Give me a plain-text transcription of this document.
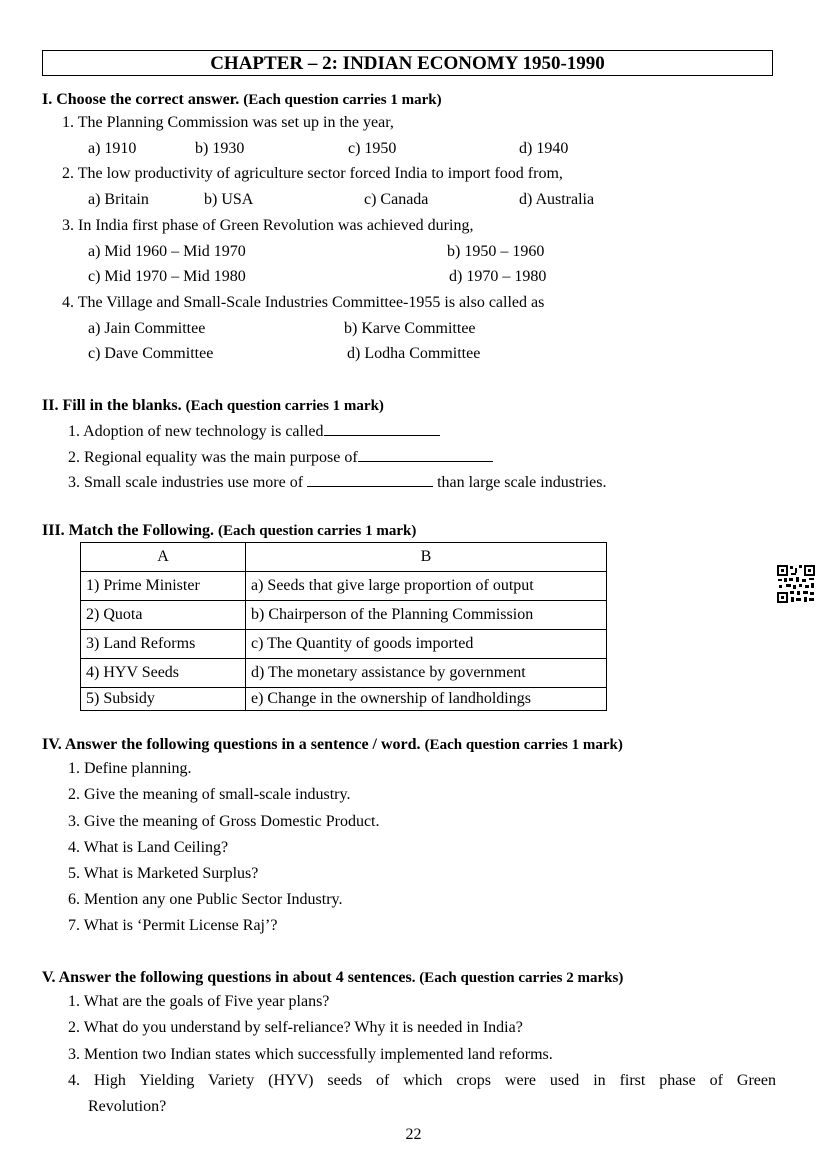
CHAPTER – 2: INDIAN ECONOMY 1950-1990
I. Choose the correct answer. (Each question carries 1 mark)
1. The Planning Commission was set up in the year,
a) 1910	b) 1930	c) 1950	d) 1940
2. The low productivity of agriculture sector forced India to import food from,
a) Britain	b) USA	c) Canada	d) Australia
3. In India first phase of Green Revolution was achieved during,
a) Mid 1960 – Mid 1970	b) 1950 – 1960
c) Mid 1970 – Mid 1980	d) 1970 – 1980
4. The Village and Small-Scale Industries Committee-1955 is also called as
a) Jain Committee	b) Karve Committee
c) Dave Committee	d) Lodha Committee
II. Fill in the blanks. (Each question carries 1 mark)
1. Adoption of new technology is called
2. Regional equality was the main purpose of
3. Small scale industries use more of	than large scale industries.
III. Match the Following. (Each question carries 1 mark)
A	B
1) Prime Minister	a) Seeds that give large proportion of output
2) Quota	b) Chairperson of the Planning Commission
3) Land Reforms	c) The Quantity of goods imported
4) HYV Seeds	d) The monetary assistance by government
5) Subsidy	e) Change in the ownership of landholdings
IV. Answer the following questions in a sentence / word. (Each question carries 1 mark)
1. Define planning.
2. Give the meaning of small-scale industry.
3. Give the meaning of Gross Domestic Product.
4. What is Land Ceiling?
5. What is Marketed Surplus?
6. Mention any one Public Sector Industry.
7. What is ‘Permit License Raj’?
V. Answer the following questions in about 4 sentences. (Each question carries 2 marks)
1. What are the goals of Five year plans?
2. What do you understand by self-reliance? Why it is needed in India?
3. Mention two Indian states which successfully implemented land reforms.
4. High Yielding Variety (HYV) seeds of which crops were used in first phase of Green
Revolution?
22
